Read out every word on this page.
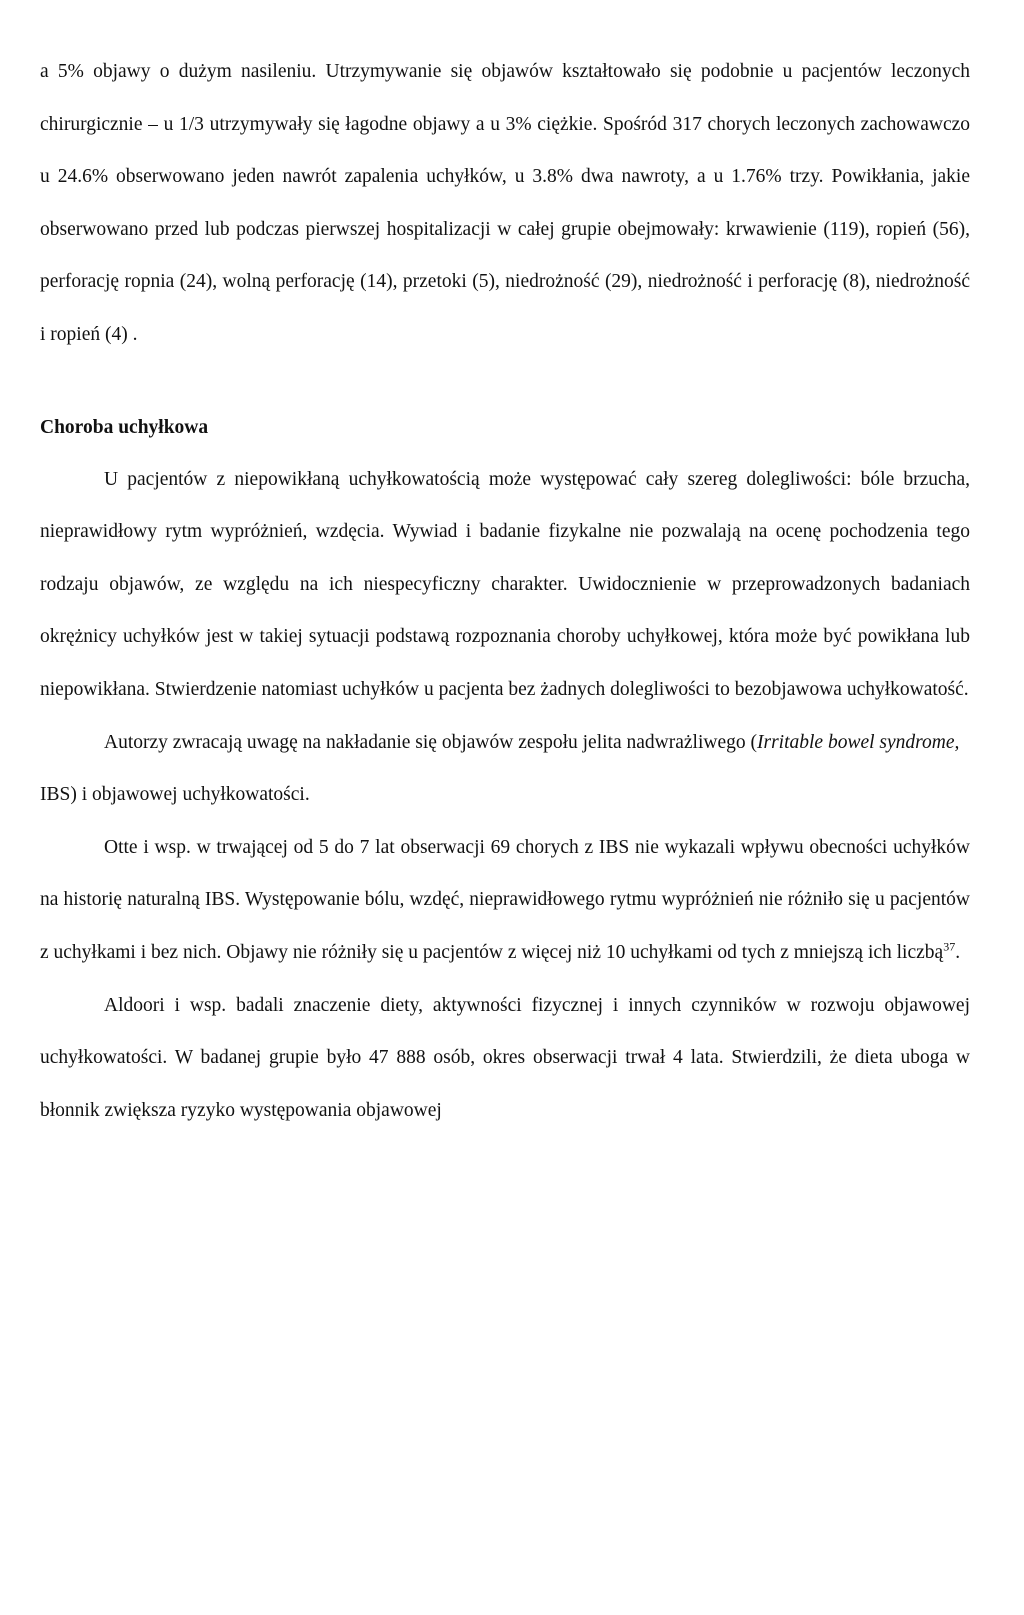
a 5% objawy o dużym nasileniu. Utrzymywanie się objawów kształtowało się podobnie u pacjentów leczonych chirurgicznie – u 1/3 utrzymywały się łagodne objawy a u 3% ciężkie. Spośród 317 chorych leczonych zachowawczo u 24.6% obserwowano jeden nawrót zapalenia uchyłków, u 3.8% dwa nawroty, a u 1.76% trzy. Powikłania, jakie obserwowano przed lub podczas pierwszej hospitalizacji w całej grupie obejmowały: krwawienie (119), ropień (56), perforację ropnia (24), wolną perforację (14), przetoki (5), niedrożność (29), niedrożność i perforację (8), niedrożność i ropień (4) .

Choroba uchyłkowa

U pacjentów z niepowikłaną uchyłkowatością może występować cały szereg dolegliwości: bóle brzucha, nieprawidłowy rytm wypróżnień, wzdęcia. Wywiad i badanie fizykalne nie pozwalają na ocenę pochodzenia tego rodzaju objawów, ze względu na ich niespecyficzny charakter. Uwidocznienie w przeprowadzonych badaniach okrężnicy uchyłków jest w takiej sytuacji podstawą rozpoznania choroby uchyłkowej, która może być powikłana lub niepowikłana. Stwierdzenie natomiast uchyłków u pacjenta bez żadnych dolegliwości to bezobjawowa uchyłkowatość.

Autorzy zwracają uwagę na nakładanie się objawów zespołu jelita nadwrażliwego (Irritable bowel syndrome, IBS) i objawowej uchyłkowatości.

Otte i wsp. w trwającej od 5 do 7 lat obserwacji 69 chorych z IBS nie wykazali wpływu obecności uchyłków na historię naturalną IBS. Występowanie bólu, wzdęć, nieprawidłowego rytmu wypróżnień nie różniło się u pacjentów z uchyłkami i bez nich. Objawy nie różniły się u pacjentów z więcej niż 10 uchyłkami od tych z mniejszą ich liczbą$^{37}$.

Aldoori i wsp. badali znaczenie diety, aktywności fizycznej i innych czynników w rozwoju objawowej uchyłkowatości. W badanej grupie było 47 888 osób, okres obserwacji trwał 4 lata. Stwierdzili, że dieta uboga w błonnik zwiększa ryzyko występowania objawowej
